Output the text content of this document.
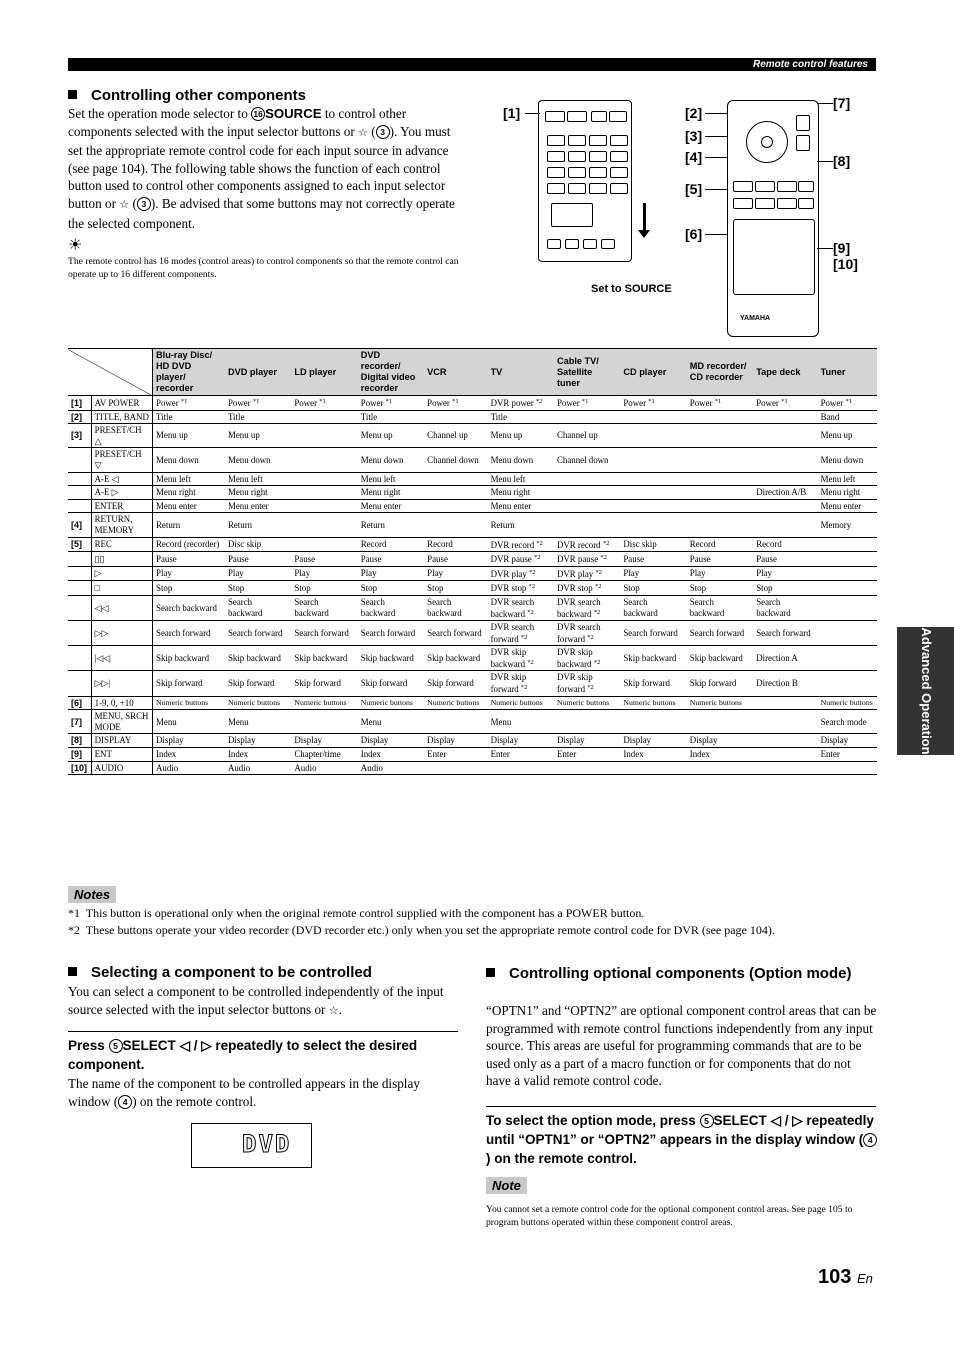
Remote control features
Controlling other components
Set the operation mode selector to 16 SOURCE to control other components selected with the input selector buttons or ☆ ( 3 ). You must set the appropriate remote control code for each input source in advance (see page 104). The following table shows the function of each control button used to control other components assigned to each input selector button or ☆ ( 3 ). Be advised that some buttons may not correctly operate the selected component.
☀
The remote control has 16 modes (control areas) to control components so that the remote control can operate up to 16 different components.
Set to SOURCE
YAMAHA
[1]	[2]
[3]
[4]
[5]
[6]
[7]
[8]
[9]
[10]
		Blu-ray Disc/ HD DVD player/ recorder	DVD player	LD player	DVD recorder/ Digital video recorder	VCR	TV	Cable TV/ Satellite tuner	CD player	MD recorder/ CD recorder	Tape deck	Tuner
[1]	AV POWER	Power $^{*1}$	Power $^{*1}$	Power $^{*1}$	Power $^{*1}$	Power $^{*1}$	DVR power $^{*2}$	Power $^{*1}$	Power $^{*1}$	Power $^{*1}$	Power $^{*1}$	Power $^{*1}$
[2]	TITLE, BAND	Title	Title		Title		Title					Band
[3]	PRESET/CH △	Menu up	Menu up		Menu up	Channel up	Menu up	Channel up				Menu up
	PRESET/CH ▽	Menu down	Menu down		Menu down	Channel down	Menu down	Channel down				Menu down
	A-E ◁	Menu left	Menu left		Menu left		Menu left					Menu left
	A-E ▷	Menu right	Menu right		Menu right		Menu right				Direction A/B	Menu right
	ENTER	Menu enter	Menu enter		Menu enter		Menu enter					Menu enter
[4]	RETURN, MEMORY	Return	Return		Return		Return					Memory
[5]	REC	Record (recorder)	Disc skip		Record	Record	DVR record $^{*2}$	DVR record $^{*2}$	Disc skip	Record	Record	
	▯▯	Pause	Pause	Pause	Pause	Pause	DVR pause $^{*2}$	DVR pause $^{*2}$	Pause	Pause	Pause	
	▷	Play	Play	Play	Play	Play	DVR play $^{*2}$	DVR play $^{*2}$	Play	Play	Play	
	□	Stop	Stop	Stop	Stop	Stop	DVR stop $^{*2}$	DVR stop $^{*2}$	Stop	Stop	Stop	
	◁◁	Search backward	Search backward	Search backward	Search backward	Search backward	DVR search backward $^{*2}$	DVR search backward $^{*2}$	Search backward	Search backward	Search backward	
	▷▷	Search forward	Search forward	Search forward	Search forward	Search forward	DVR search forward $^{*2}$	DVR search forward $^{*2}$	Search forward	Search forward	Search forward	
	|◁◁	Skip backward	Skip backward	Skip backward	Skip backward	Skip backward	DVR skip backward $^{*2}$	DVR skip backward $^{*2}$	Skip backward	Skip backward	Direction A	
	▷▷|	Skip forward	Skip forward	Skip forward	Skip forward	Skip forward	DVR skip forward $^{*2}$	DVR skip forward $^{*2}$	Skip forward	Skip forward	Direction B	
[6]	1-9, 0, +10	Numeric buttons	Numeric buttons	Numeric buttons	Numeric buttons	Numeric buttons	Numeric buttons	Numeric buttons	Numeric buttons	Numeric buttons		Numeric buttons
[7]	MENU, SRCH MODE	Menu	Menu		Menu		Menu					Search mode
[8]	DISPLAY	Display	Display	Display	Display	Display	Display	Display	Display	Display		Display
[9]	ENT	Index	Index	Chapter/time	Index	Enter	Enter	Enter	Index	Index		Enter
[10]	AUDIO	Audio	Audio	Audio	Audio							
Advanced Operation
Notes
*1 This button is operational only when the original remote control supplied with the component has a POWER button.
*2 These buttons operate your video recorder (DVD recorder etc.) only when you set the appropriate remote control code for DVR (see page 104).
Selecting a component to be controlled
You can select a component to be controlled independently of the input source selected with the input selector buttons or ☆.
Press 5 SELECT ◁ / ▷ repeatedly to select the desired component.
The name of the component to be controlled appears in the display window ( 4 ) on the remote control.
DVD
Controlling optional components (Option mode)
“OPTN1” and “OPTN2” are optional component control areas that can be programmed with remote control functions independently from any input source. This areas are useful for programming commands that are to be used only as a part of a macro function or for components that do not have a valid remote control code.
To select the option mode, press 5 SELECT ◁ / ▷ repeatedly until “OPTN1” or “OPTN2” appears in the display window ( 4) on the remote control.
Note
You cannot set a remote control code for the optional component control areas. See page 105 to program buttons operated within these component control areas.
103 En
